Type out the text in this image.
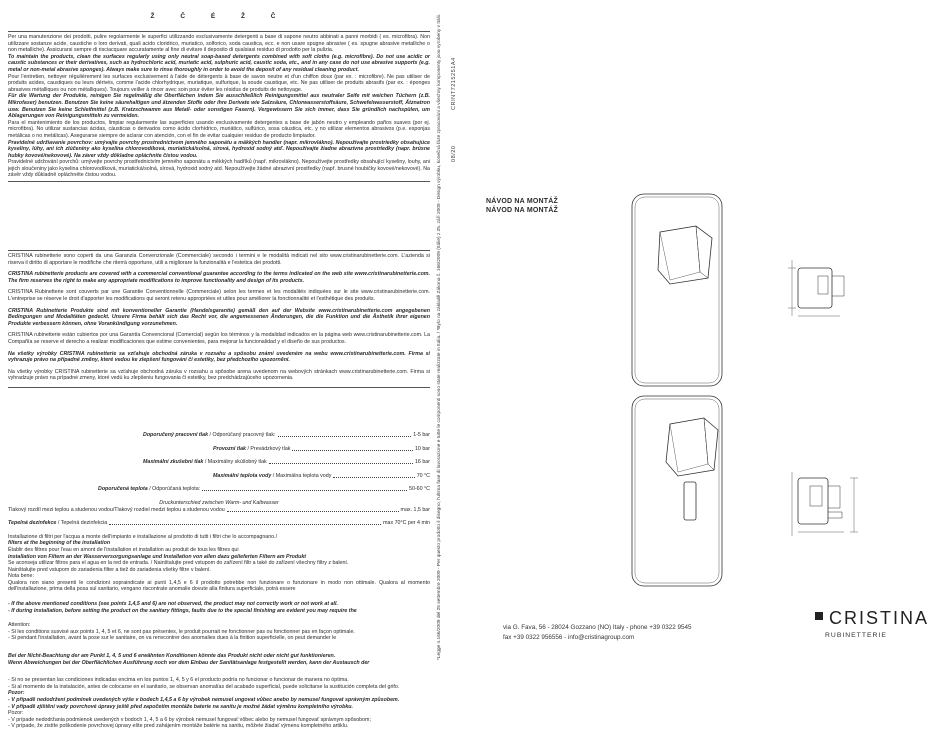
Ž Č É Ž Č

Per una manutenzione dei prodotti, pulire regolarmente le superfici utilizzando esclusivamente detergenti a base di sapone neutro abbinati a panni morbidi ( es. microfibra). Non utilizzare sostanze acide, caustiche o loro derivati, quali acido cloridrico, muriatico, solforico, soda caustica, ecc. e non usare spugne abrasive ( es. spugne abrasive metalliche o non metalliche). Assicurarsi sempre di risciacquare accuratamente al fine di evitare il deposito di qualsiasi residuo di prodotto per la pulizia.

To maintain the products, clean the surfaces regularly using only neutral soap-based detergents combined with soft cloths (e.g. microfibre). Do not use acidic or caustic substances or their derivatives, such as hydrochloric acid, muriatic acid, sulphuric acid, caustic soda, etc., and in any case do not use abrasive supports (e.g. metal or non-metal abrasive sponges). Always make sure to rinse thoroughly in order to avoid the deposit of any residual cleaning product.

Pour l'entretien, nettoyer régulièrement les surfaces exclusivement à l'aide de détergents à base de savon neutre et d'un chiffon doux (par ex. : microfibre). Ne pas utiliser de produits acides, caustiques ou leurs dérivés, comme l'acide chlorhydrique, muriatique, sulfurique, la soude caustique, etc. Ne pas utiliser de produits abrasifs (par ex. : éponges abrasives métalliques ou non métalliques). Toujours veiller à rincer avec soin pour éviter les résidus de produits de nettoyage.

Für die Wartung der Produkte, reinigen Sie regelmäßig die Oberflächen indem Sie ausschließlich Reinigungsmittel aus neutraler Seife mit weichen Tüchern (z.B. Mikrofaser) benutzen. Benutzen Sie keine säurehaltigen und ätzenden Stoffe oder ihre Derivate wie Salzsäure, Chlorwasserstoffsäure, Schwefelwasserstoff, Ätznatron usw. Benutzen Sie keine Schleifmittel (z.B. Kratzschwamm aus Metall- oder sonstigen Fasern). Vergewissern Sie sich immer, dass Sie gründlich nachspülen, um Ablagerungen von Reinigungsmitteln zu vermeiden.

Para el mantenimiento de los productos, limpiar regularmente las superficies usando exclusivamente detergentes a base de jabón neutro y empleando paños suaves (por ej. microfibra). No utilizar sustancias ácidas, cáusticas o derivados como ácido clorhídrico, muriático, sulfúrico, sosa cáustica, etc. y no utilizar elementos abrasivos (p.e. esponjas metálicas o no metálicas). Asegurarse siempre de aclarar con atención, con el fin de evitar cualquier residuo de producto limpiador.

Pravidelné udržiavanie povrchov: umývajte povrchy prostredníctvom jemného saponátu a mäkkých handier (napr. mikrovlákno). Nepoužívajte prostriedky obsahujúce kyseliny, lúhy, ani ich zlúčeniny ako kyselina chlorovodíková, muriatická/solná, sírová, hydroxid sodný atď. Nepoužívajte žiadne abrazívne prostriedky (napr. brúsne hubky kovové/nekovové). Na záver vždy dôkladne opláchnite čistou vodou.

Pravidelné udržování povrchů: umývejte povrchy prostřednictvím jemného saponátu a měkkých hadříků (např. mikrovlákno). Nepoužívejte prostředky obsahující kyseliny, louhy, ani jejich sloučeniny jako kyselina chlorovodíková, muriatická/solná, sírová, hydroxid sodný atd. Nepoužívejte žádné abrazivní prostředky (např. brusné houbičky kovové/nekovové). Na závěr vždy důkladně opláchněte čistou vodou.

CRISTINA rubinetterie sono coperti da una Garanzia Convenzionale (Commerciale) secondo i termini e le modalità indicati nel sito www.cristinarubinetterie.com. L'azienda si riserva il diritto di apportare le modifiche che riterrà opportune, utili a migliorare la funzionalità e l'estetica dei prodotti.

CRISTINA rubinetterie products are covered with a commercial conventional guarantee according to the terms indicated on the web site www.cristinarubinetterie.com. The firm reserves the right to make any appropriate modifications to improve functionality and design of its products.

CRISTINA Rubinetterie sont couverts par une Garantie Conventionnelle (Commerciale) selon les termes et les modalités indiquées sur le site www.cristinarubinetterie.com. L'entreprise se réserve le droit d'apporter les modifications qui seront retenu appropriées et utiles pour améliorer la fonctionnalité et l'esthétique des produits.

CRISTINA Rubinetterie Produkte sind mit konventioneller Garantie (Handelsgarantie) gemäß den auf der Website www.cristinarubinetterie.com angegebenen Bedingungen und Modalitäten gedeckt. Unsere Firma behält sich das Recht vor, die angemessenen Änderungen, die die Funktion und die Ästhetik ihrer eigenen Produkte verbessern können, ohne Vorankündigung vorzunehmen.

CRISTINA rubinetterie están cubiertos por una Garantía Convencional (Comercial) según los términos y la modalidad indicados en la página web www.cristinarubinetterie.com. La Compañía se reserve el derecho a realizar modificaciones que estime convenientes, para mejorar la funcionalidad y el diseño de sus productos.

Na všetky výrobky CRISTINA rubinetterie sa vzťahuje obchodná záruka v rozsahu a spôsobu známi uvedeném na webu www.cristinarubinetterie.com. Firma si vyhrazuje právo na případné změny, které vedou ke zlepšení fungování či estetiky, bez předchozího upozornění.

Na všetky výrobky CRISTINA rubinetterie sa vzťahuje obchodná záruka v rozsahu a spôsobe arena uvedenom na webových stránkach www.cristinarubinetterie.com. Firma si vyhradzuje právo na prípadné zmeny, ktoré vedú ku zlepšeniu fungovania či estetiky, bez predchádzajúceho upozornenia.

Doporučený pracovní tlak / Odporúčaný pracovný tlak:	1-5 bar
Provozní tlak / Prevádzkový tlak	10 bar
Maximální zkušební tlak / Maximálny skúšobný tlak	16 bar
Maximální teplota vody / Maximálna teplota vody	70 °C
Doporučená teplota / Odporúčaná teplota:	50-60 °C
Druckunterschied zwischen Warm- und Kaltwasser
Tlakový rozdíl mezi teplou a studenou vodou/Tlakový rozdiel medzi teplou a studenou vodou	max. 1,5 bar
Tepelná dezinfekce / Tepelná dezinfekcia	max 70°C per 4 min

Installazione di filtri per l'acqua a monte dell'impianto e installazione al prodotto di tutti i filtri che lo accompagnano./

filters at the beginning of the installation

Établir des filtres pour l'eau en amont de l'installation et installation au produit de tous les filtres qui

installation von Filtern an der Wasserversorgungsanlage und Installation von allen dazu gelieferten Filtern am Produkt

Se aconseja utilizar filtros para el agua en la red de entrada. / Nainštalujte pred vstupom do zařízení filtr a také do zařízení všechny filtry z balení.

Nainštalujte pred vstupom do zariadenia filter a tiež do zariadenia všetky filtre v balení.

Nota bene:

Qualora non siano presenti le condizioni sopraindicate ai punti 1,4,5 e 6 il prodotto potrebbe non funzionare o funzionare in modo non ottimale. Qualora al momento dell'installazione, prima della posa sul sanitario, vengano riscontrate anomalie dovute alla finitura superficiale, potrà essere

- If the above mentioned conditions (see points 1,4,5 and 6) are not observed, the product may not correctly work or not work at all.

- If during installation, before setting the product on the sanitary fittings, faults due to the special finishing are evident you may require the

Attention:

- Si les conditions susvisé aux points 1, 4, 5 et 6, ne sont pas présentes, le produit pourrait ne fonctionner pas ou fonctionner pas en façon optimale.

- Si pendant l'installation, avant la pose sur le sanitaire, on va renvcontrer des anomalies dues à la finition superficielle, on peut demander le

Bei der Nicht-Beachtung der am Punkt 1, 4, 5 und 6 erwähnten Konditionen könnte das Produkt nicht oder nicht gut funktionieren.

Wenn Abweichungen bei der Oberflächlichen Ausführung noch vor dem Einbau der Sanitätsanlage festgestellt werden, kann der Austausch der

- Si no se presentan las condiciones indicadas encima en los puntos 1, 4, 5 y 6 el producto podría no funcionar o funcionar de manera no óptima.

- Si al momento de la instalación, antes de colocarse en el sanitario, se observan anomalías del acabado superficial, puede solicitarse la sustitución completa del grifo.

Pozor:

- V případě nedodržení podmínek uvedených výše v bodech 1,4,5 a 6 by výrobek nemusel ungovat vůbec anebo by nemusel fungovat správným způsobem.

- V případě zjištění vady povrchové úpravy ještě před započetím montáže baterie na sanitu je možné žádat výměnu kompletního výrobku.

Pozor:

- V prípade nedodržania podmienok uvedených v bodoch 1, 4, 5 a 6 by výrobok nemusel fungovať vôbec alebo by nemusel fungovať správnym spôsobom;

- V prípade, že zistíte poškodenie povrchovej úpravy ešte pred zahájením montáže batérie na sanitu, môžete žiadať výmenu kompletného artiklu.

*Legge n.166/2009 del 25 settembre 2009 - Per questo prodotto il disegno, l'ultima fase di lavorazione e tutte le componenti sono state realizzate in Italia. / *Bylo na základě Zákona č. 166/2009 (Itálie) z 25. září 2009 - Design výrobku, konečná fáze zpracování a všechny komponenty jsou vyrobeny v Itálii. CRINT7215251A4
08/20
NÁVOD NA MONTÁŽ
NÁVOD NA MONTÁŽ
via G. Fava, 56 - 28024 Gozzano (NO) Italy - phone +39 0322 9545
fax +39 0322 956556 - info@cristinagroup.com
CRISTINA
RUBINETTERIE
